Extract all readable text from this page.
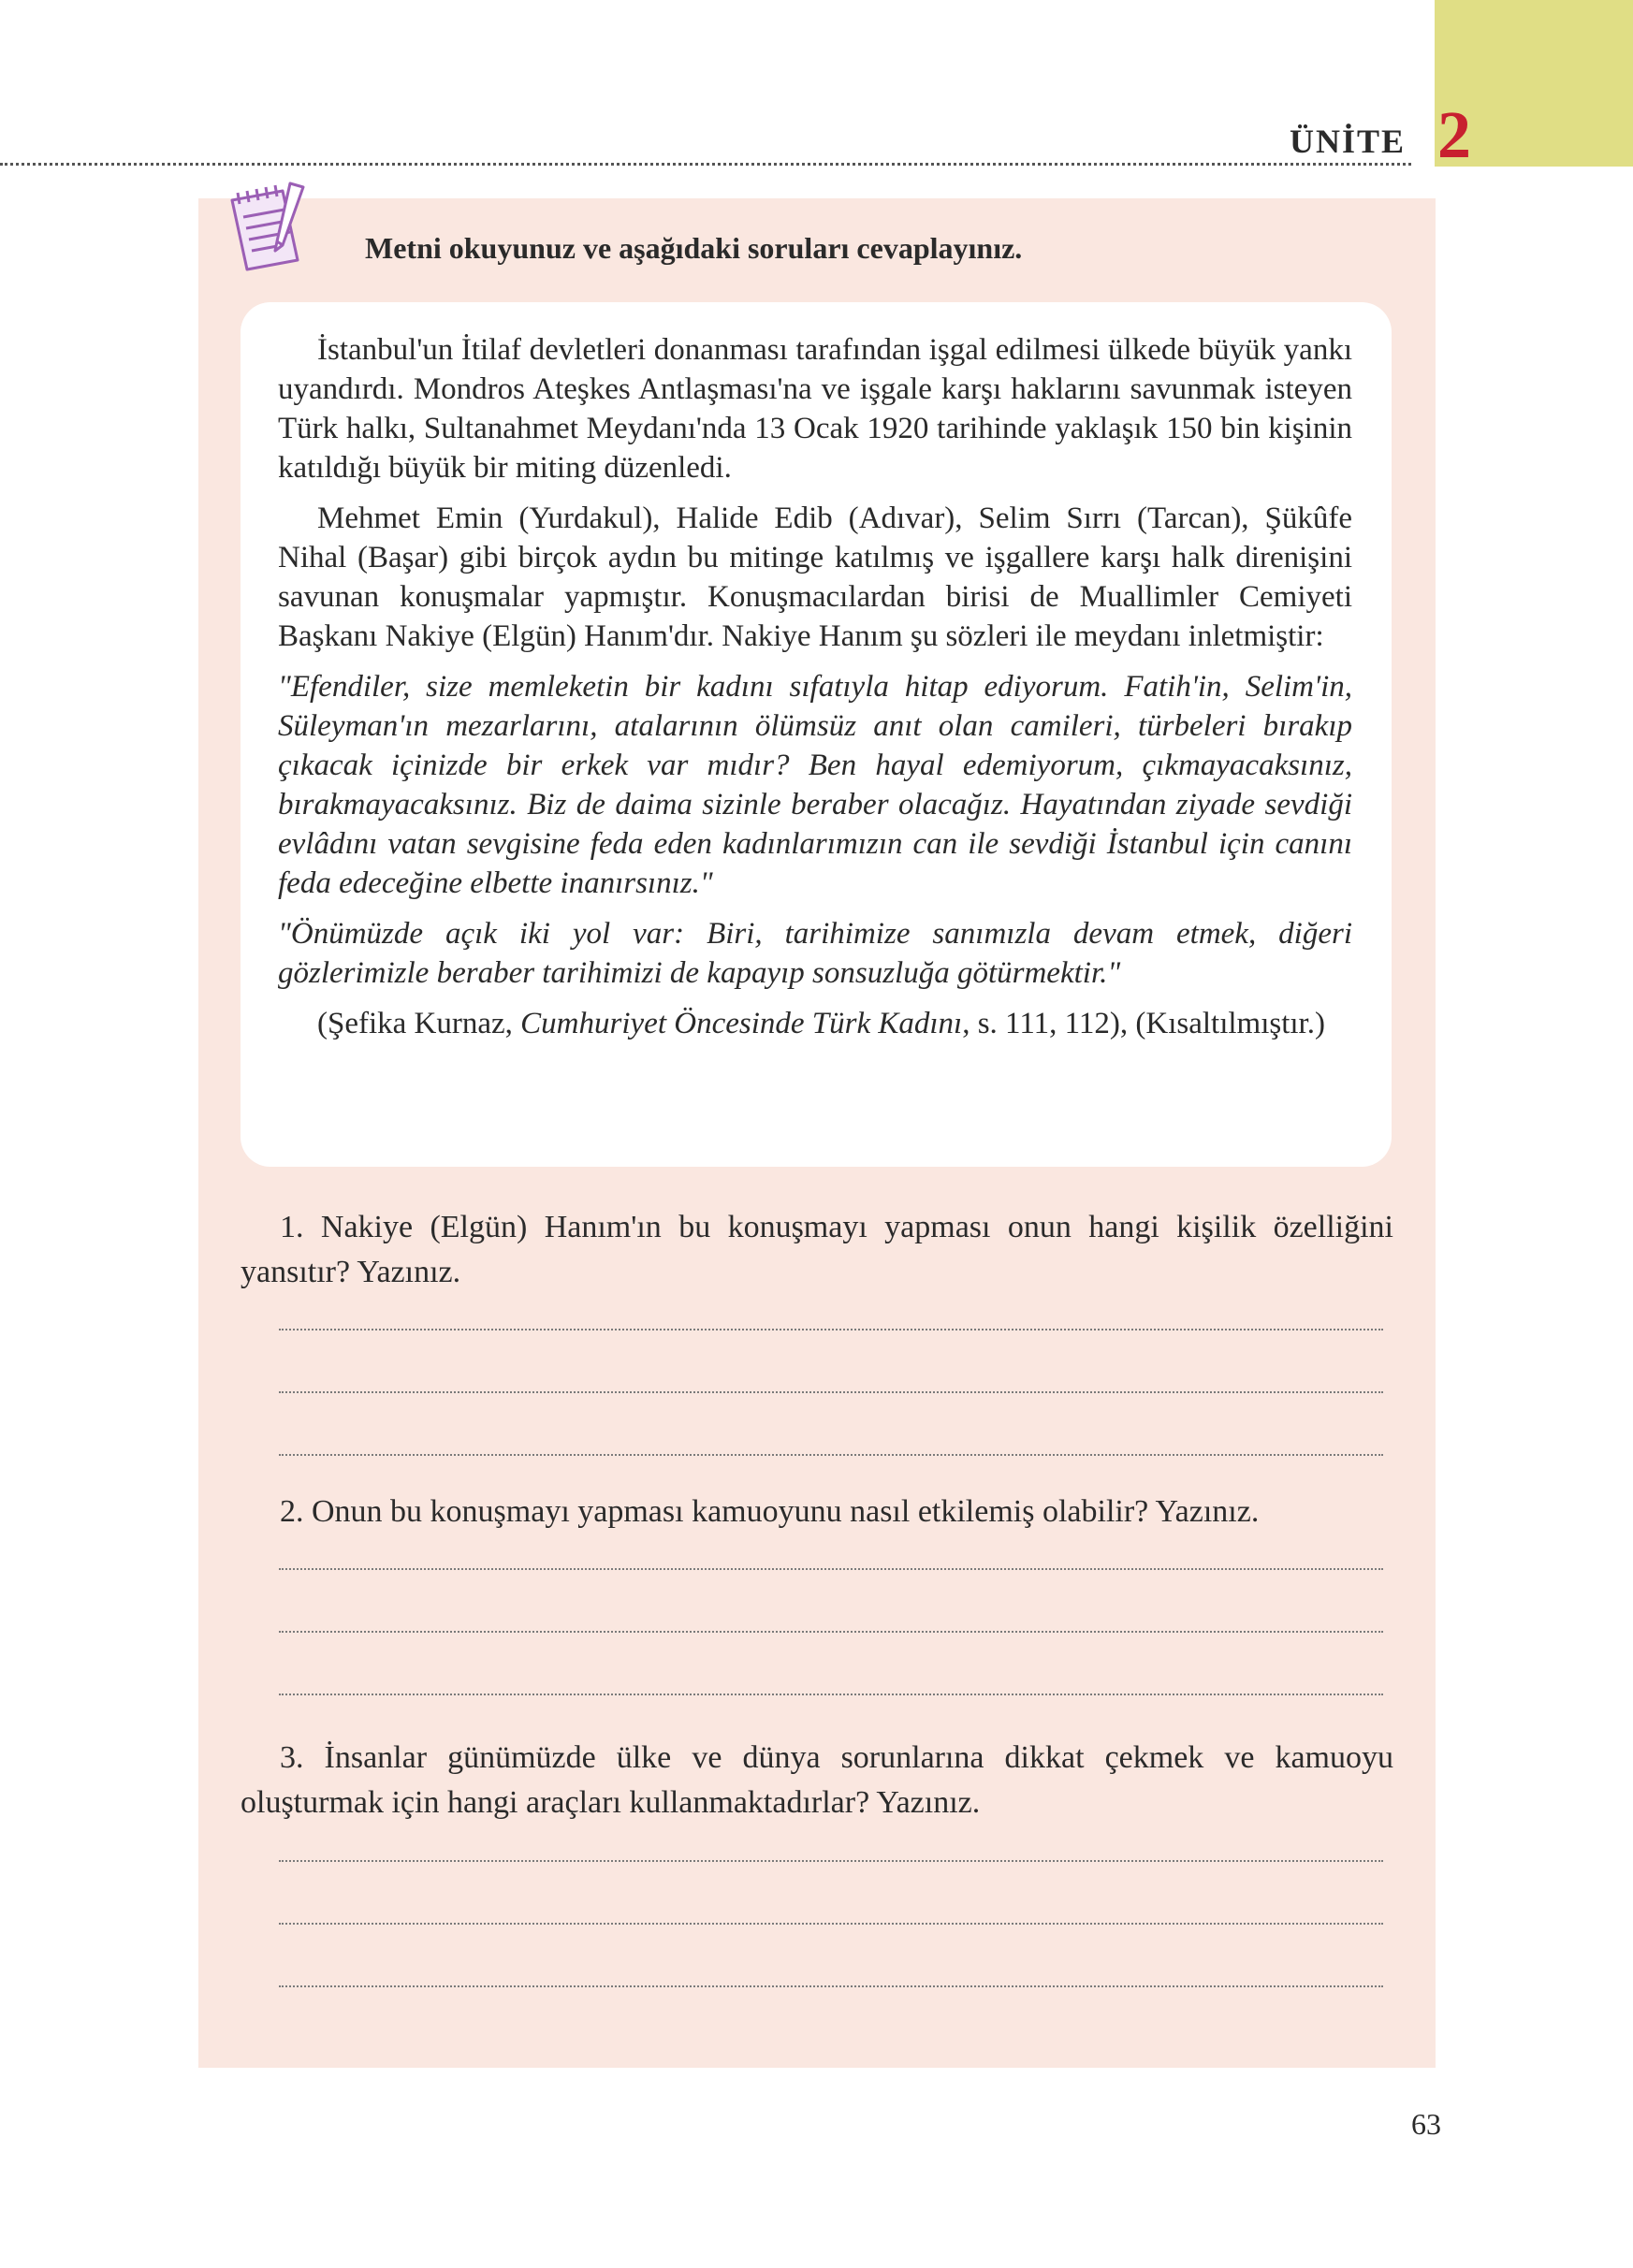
ÜNİTE 2
Metni okuyunuz ve aşağıdaki soruları cevaplayınız.

İstanbul'un İtilaf devletleri donanması tarafından işgal edilmesi ülkede büyük yankı uyandırdı. Mondros Ateşkes Antlaşması'na ve işgale karşı haklarını savunmak isteyen Türk halkı, Sultanahmet Meydanı'nda 13 Ocak 1920 tarihinde yaklaşık 150 bin kişinin katıldığı büyük bir miting düzenledi.

Mehmet Emin (Yurdakul), Halide Edib (Adıvar), Selim Sırrı (Tarcan), Şükûfe Nihal (Başar) gibi birçok aydın bu mitinge katılmış ve işgallere karşı halk direnişini savunan konuşmalar yapmıştır. Konuşmacılardan birisi de Muallimler Cemiyeti Başkanı Nakiye (Elgün) Hanım'dır. Nakiye Hanım şu sözleri ile meydanı inletmiştir:

"Efendiler, size memleketin bir kadını sıfatıyla hitap ediyorum. Fatih'in, Selim'in, Süleyman'ın mezarlarını, atalarının ölümsüz anıt olan camileri, türbeleri bırakıp çıkacak içinizde bir erkek var mıdır? Ben hayal edemiyorum, çıkmayacaksınız, bırakmayacaksınız. Biz de daima sizinle beraber olacağız. Hayatından ziyade sevdiği evlâdını vatan sevgisine feda eden kadınlarımızın can ile sevdiği İstanbul için canını feda edeceğine elbette inanırsınız."

"Önümüzde açık iki yol var: Biri, tarihimize sanımızla devam etmek, diğeri gözlerimizle beraber tarihimizi de kapayıp sonsuzluğa götürmektir."

(Şefika Kurnaz, Cumhuriyet Öncesinde Türk Kadını, s. 111, 112), (Kısaltılmıştır.)

1. Nakiye (Elgün) Hanım'ın bu konuşmayı yapması onun hangi kişilik özelliğini yansıtır? Yazınız.
2. Onun bu konuşmayı yapması kamuoyunu nasıl etkilemiş olabilir? Yazınız.
3. İnsanlar günümüzde ülke ve dünya sorunlarına dikkat çekmek ve kamuoyu oluşturmak için hangi araçları kullanmaktadırlar? Yazınız.
63
